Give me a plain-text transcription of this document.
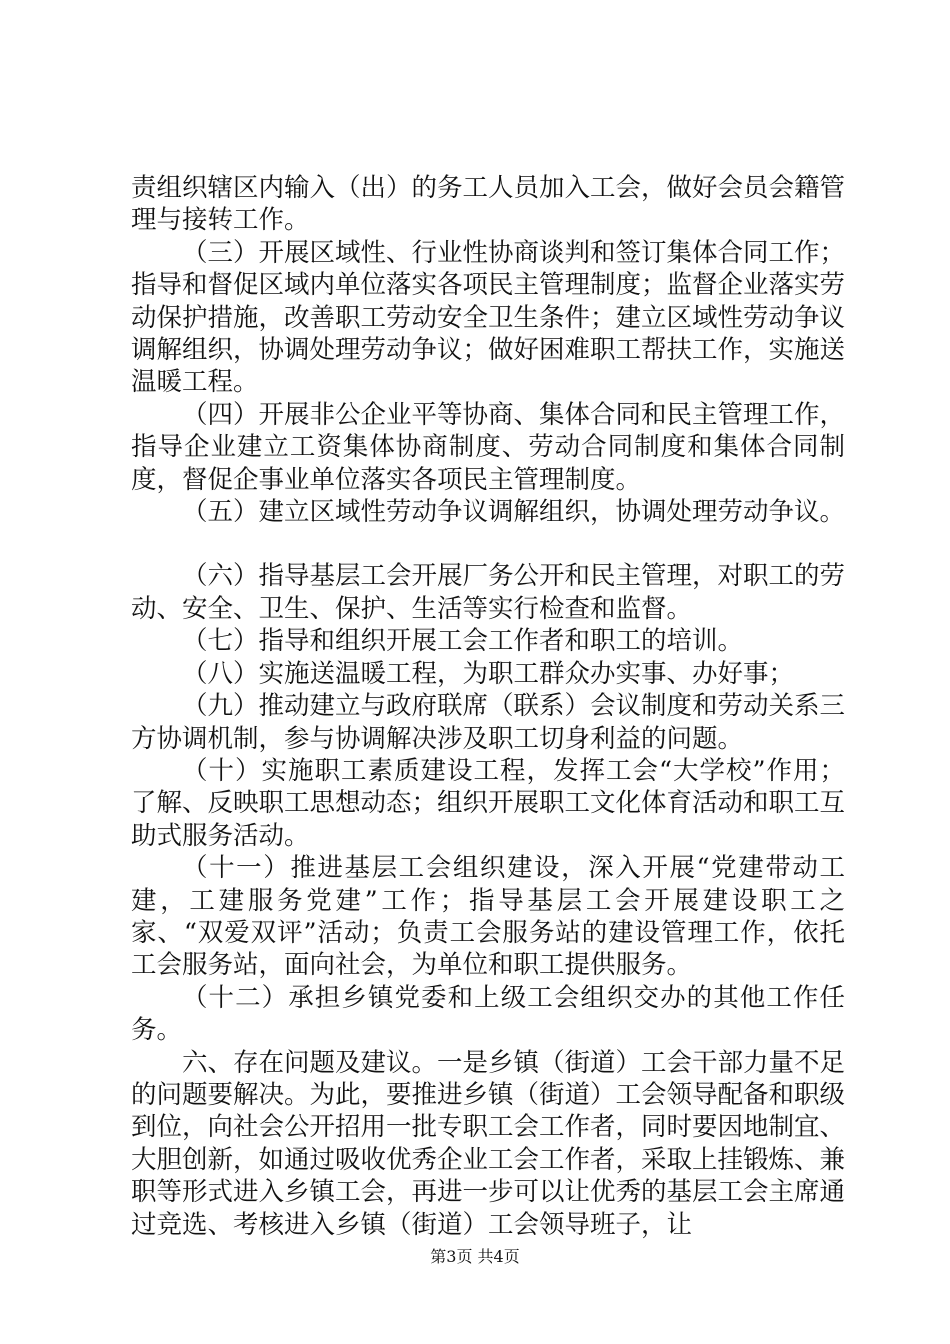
责组织辖区内输入（出）的务工人员加入工会，做好会员会籍管理与接转工作。

（三）开展区域性、行业性协商谈判和签订集体合同工作；指导和督促区域内单位落实各项民主管理制度；监督企业落实劳动保护措施，改善职工劳动安全卫生条件；建立区域性劳动争议调解组织，协调处理劳动争议；做好困难职工帮扶工作，实施送温暖工程。

（四）开展非公企业平等协商、集体合同和民主管理工作，指导企业建立工资集体协商制度、劳动合同制度和集体合同制度，督促企事业单位落实各项民主管理制度。

（五）建立区域性劳动争议调解组织，协调处理劳动争议。

（六）指导基层工会开展厂务公开和民主管理，对职工的劳动、安全、卫生、保护、生活等实行检查和监督。

（七）指导和组织开展工会工作者和职工的培训。

（八）实施送温暖工程，为职工群众办实事、办好事；

（九）推动建立与政府联席（联系）会议制度和劳动关系三方协调机制，参与协调解决涉及职工切身利益的问题。

（十）实施职工素质建设工程，发挥工会“大学校”作用；了解、反映职工思想动态；组织开展职工文化体育活动和职工互助式服务活动。

（十一）推进基层工会组织建设，深入开展“党建带动工建，工建服务党建”工作；指导基层工会开展建设职工之家、“双爱双评”活动；负责工会服务站的建设管理工作，依托工会服务站，面向社会，为单位和职工提供服务。

（十二）承担乡镇党委和上级工会组织交办的其他工作任务。

六、存在问题及建议。一是乡镇（街道）工会干部力量不足的问题要解决。为此，要推进乡镇（街道）工会领导配备和职级到位，向社会公开招用一批专职工会工作者，同时要因地制宜、大胆创新，如通过吸收优秀企业工会工作者，采取上挂锻炼、兼职等形式进入乡镇工会，再进一步可以让优秀的基层工会主席通过竞选、考核进入乡镇（街道）工会领导班子，让

第3页 共4页
